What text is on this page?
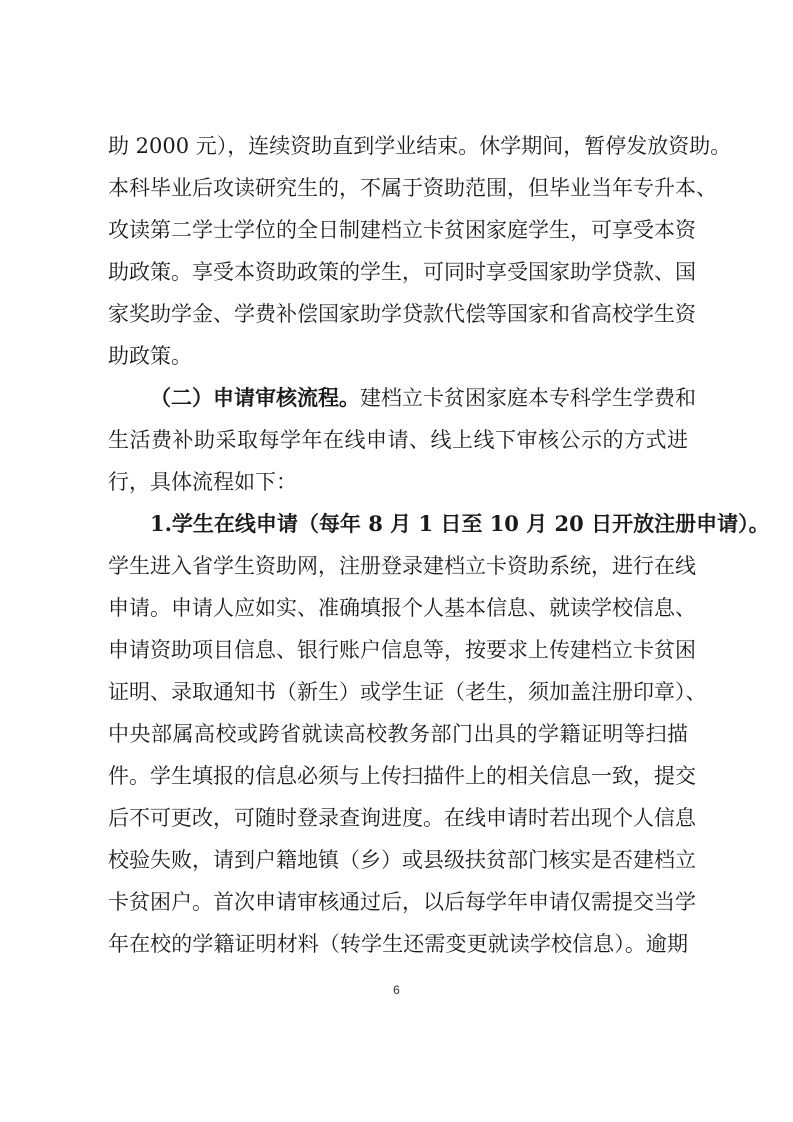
助 2000 元），连续资助直到学业结束。休学期间，暂停发放资助。
本科毕业后攻读研究生的，不属于资助范围，但毕业当年专升本、
攻读第二学士学位的全日制建档立卡贫困家庭学生，可享受本资
助政策。享受本资助政策的学生，可同时享受国家助学贷款、国
家奖助学金、学费补偿国家助学贷款代偿等国家和省高校学生资
助政策。
（二）申请审核流程。建档立卡贫困家庭本专科学生学费和
生活费补助采取每学年在线申请、线上线下审核公示的方式进
行，具体流程如下：
1.学生在线申请（每年 8 月 1 日至 10 月 20 日开放注册申请）。
学生进入省学生资助网，注册登录建档立卡资助系统，进行在线
申请。申请人应如实、准确填报个人基本信息、就读学校信息、
申请资助项目信息、银行账户信息等，按要求上传建档立卡贫困
证明、录取通知书（新生）或学生证（老生，须加盖注册印章）、
中央部属高校或跨省就读高校教务部门出具的学籍证明等扫描
件。学生填报的信息必须与上传扫描件上的相关信息一致，提交
后不可更改，可随时登录查询进度。在线申请时若出现个人信息
校验失败，请到户籍地镇（乡）或县级扶贫部门核实是否建档立
卡贫困户。首次申请审核通过后，以后每学年申请仅需提交当学
年在校的学籍证明材料（转学生还需变更就读学校信息）。逾期
6
